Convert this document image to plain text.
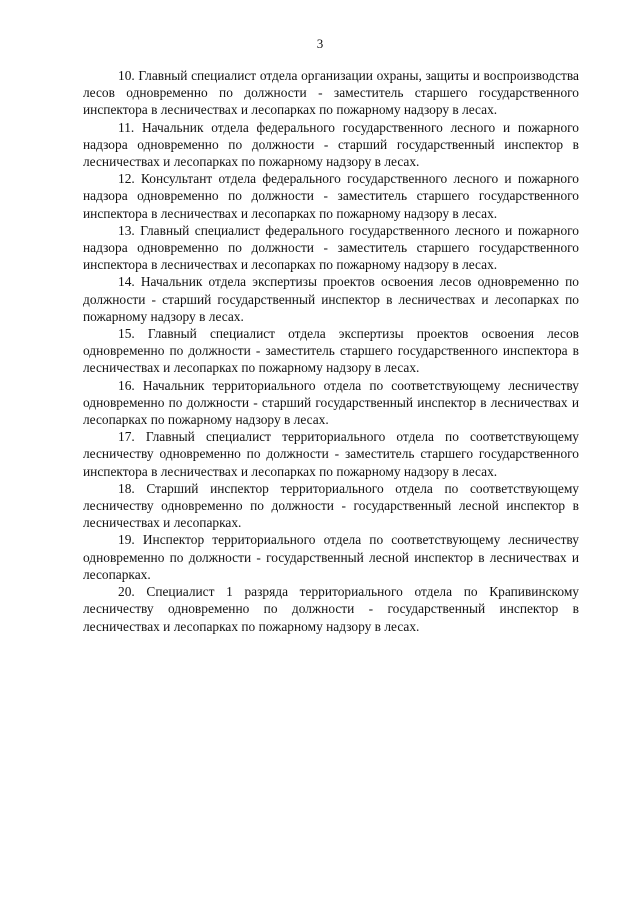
3

10. Главный специалист отдела организации охраны, защиты и воспроизводства лесов одновременно по должности - заместитель старшего государственного инспектора в лесничествах и лесопарках по пожарному надзору в лесах.

11. Начальник отдела федерального государственного лесного и пожарного надзора одновременно по должности - старший государственный инспектор в лесничествах и лесопарках по пожарному надзору в лесах.

12. Консультант отдела федерального государственного лесного и пожарного надзора одновременно по должности - заместитель старшего государственного инспектора в лесничествах и лесопарках по пожарному надзору в лесах.

13. Главный специалист федерального государственного лесного и пожарного надзора одновременно по должности - заместитель старшего государственного инспектора в лесничествах и лесопарках по пожарному надзору в лесах.

14. Начальник отдела экспертизы проектов освоения лесов одновременно по должности - старший государственный инспектор в лесничествах и лесопарках по пожарному надзору в лесах.

15. Главный специалист отдела экспертизы проектов освоения лесов одновременно по должности - заместитель старшего государственного инспектора в лесничествах и лесопарках по пожарному надзору в лесах.

16. Начальник территориального отдела по соответствующему лесничеству одновременно по должности - старший государственный инспектор в лесничествах и лесопарках по пожарному надзору в лесах.

17. Главный специалист территориального отдела по соответствующему лесничеству одновременно по должности - заместитель старшего государственного инспектора в лесничествах и лесопарках по пожарному надзору в лесах.

18. Старший инспектор территориального отдела по соответствующему лесничеству одновременно по должности - государственный лесной инспектор в лесничествах и лесопарках.

19. Инспектор территориального отдела по соответствующему лесничеству одновременно по должности - государственный лесной инспектор в лесничествах и лесопарках.

20. Специалист 1 разряда территориального отдела по Крапивинскому лесничеству одновременно по должности - государственный инспектор в лесничествах и лесопарках по пожарному надзору в лесах.
